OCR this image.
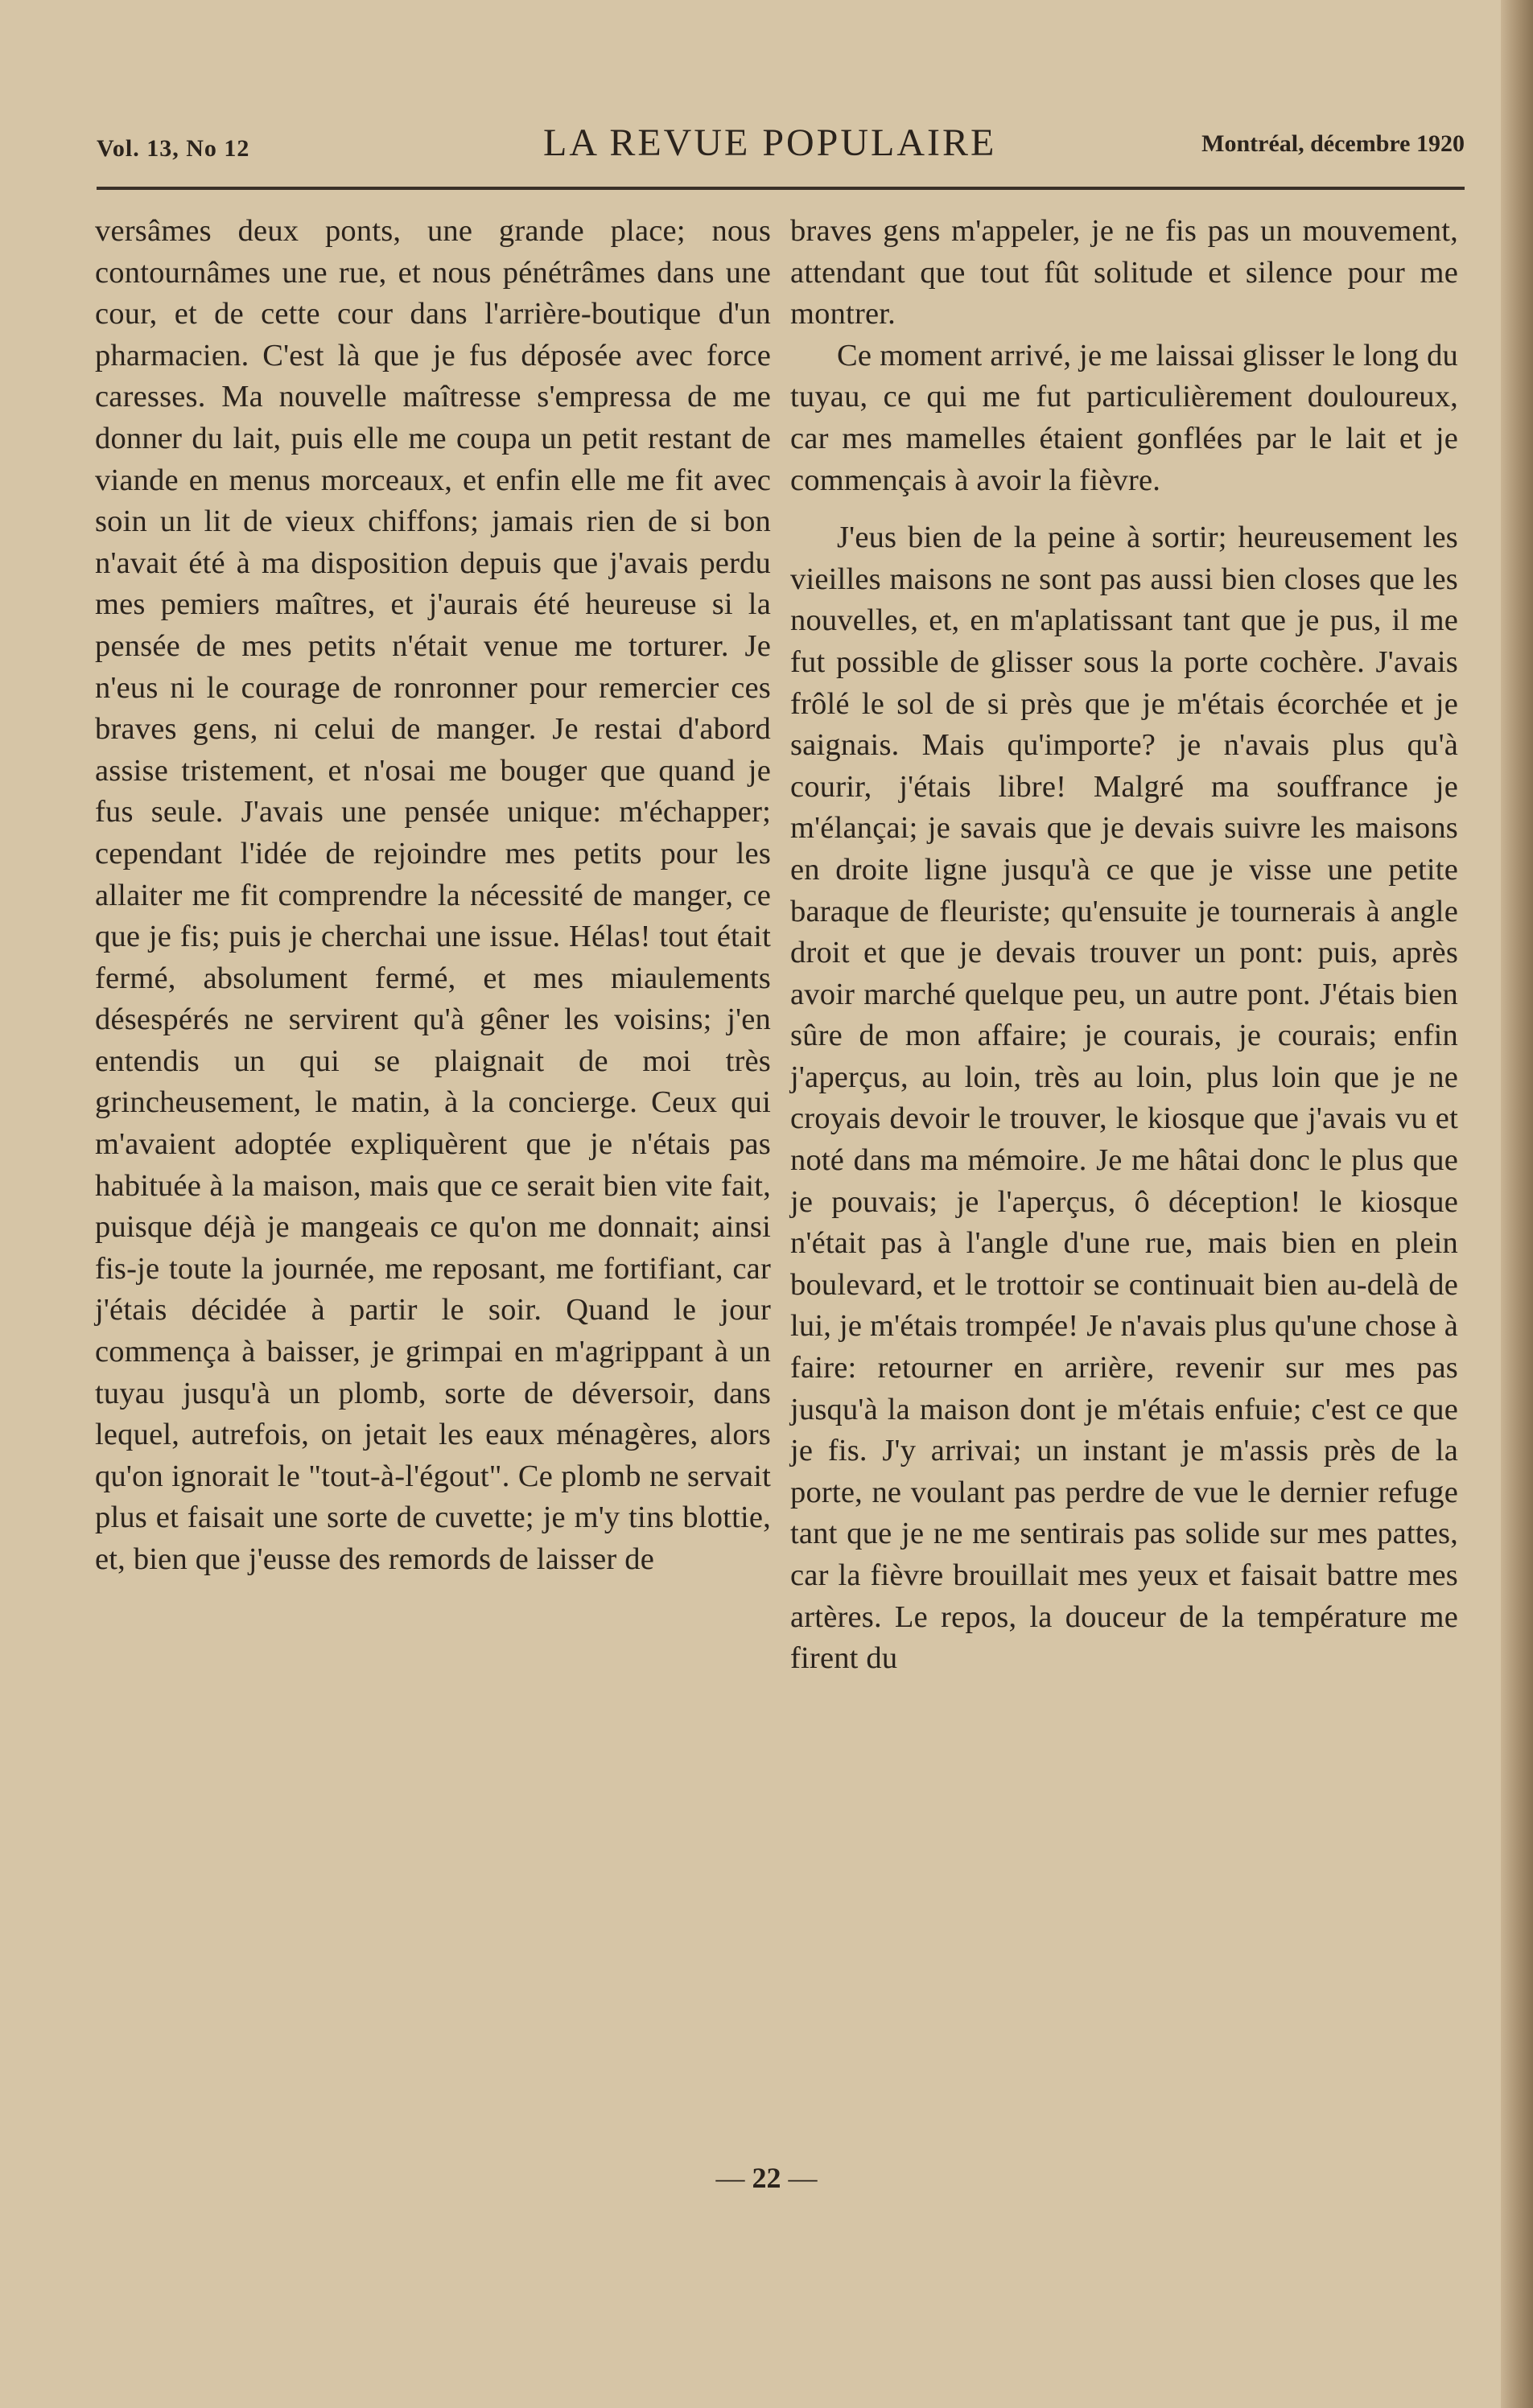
Vol. 13, No 12	LA REVUE POPULAIRE	Montréal, décembre 1920

versâmes deux ponts, une grande place; nous contournâmes une rue, et nous pénétrâmes dans une cour, et de cette cour dans l'arrière-boutique d'un pharmacien. C'est là que je fus déposée avec force caresses. Ma nouvelle maîtresse s'empressa de me donner du lait, puis elle me coupa un petit restant de viande en menus morceaux, et enfin elle me fit avec soin un lit de vieux chiffons; jamais rien de si bon n'avait été à ma disposition depuis que j'avais perdu mes pemiers maîtres, et j'aurais été heureuse si la pensée de mes petits n'était venue me torturer. Je n'eus ni le courage de ronronner pour remercier ces braves gens, ni celui de manger. Je restai d'abord assise tristement, et n'osai me bouger que quand je fus seule. J'avais une pensée unique: m'échapper; cependant l'idée de rejoindre mes petits pour les allaiter me fit comprendre la nécessité de manger, ce que je fis; puis je cherchai une issue. Hélas! tout était fermé, absolument fermé, et mes miaulements désespérés ne servirent qu'à gêner les voisins; j'en entendis un qui se plaignait de moi très grincheusement, le matin, à la concierge. Ceux qui m'avaient adoptée expliquèrent que je n'étais pas habituée à la maison, mais que ce serait bien vite fait, puisque déjà je mangeais ce qu'on me donnait; ainsi fis-je toute la journée, me reposant, me fortifiant, car j'étais décidée à partir le soir. Quand le jour commença à baisser, je grimpai en m'agrippant à un tuyau jusqu'à un plomb, sorte de déversoir, dans lequel, autrefois, on jetait les eaux ménagères, alors qu'on ignorait le "tout-à-l'égout". Ce plomb ne servait plus et faisait une sorte de cuvette; je m'y tins blottie, et, bien que j'eusse des remords de laisser de

braves gens m'appeler, je ne fis pas un mouvement, attendant que tout fût solitude et silence pour me montrer.

Ce moment arrivé, je me laissai glisser le long du tuyau, ce qui me fut particulièrement douloureux, car mes mamelles étaient gonflées par le lait et je commençais à avoir la fièvre.

J'eus bien de la peine à sortir; heureusement les vieilles maisons ne sont pas aussi bien closes que les nouvelles, et, en m'aplatissant tant que je pus, il me fut possible de glisser sous la porte cochère. J'avais frôlé le sol de si près que je m'étais écorchée et je saignais. Mais qu'importe? je n'avais plus qu'à courir, j'étais libre! Malgré ma souffrance je m'élançai; je savais que je devais suivre les maisons en droite ligne jusqu'à ce que je visse une petite baraque de fleuriste; qu'ensuite je tournerais à angle droit et que je devais trouver un pont: puis, après avoir marché quelque peu, un autre pont. J'étais bien sûre de mon affaire; je courais, je courais; enfin j'aperçus, au loin, très au loin, plus loin que je ne croyais devoir le trouver, le kiosque que j'avais vu et noté dans ma mémoire. Je me hâtai donc le plus que je pouvais; je l'aperçus, ô déception! le kiosque n'était pas à l'angle d'une rue, mais bien en plein boulevard, et le trottoir se continuait bien au-delà de lui, je m'étais trompée! Je n'avais plus qu'une chose à faire: retourner en arrière, revenir sur mes pas jusqu'à la maison dont je m'étais enfuie; c'est ce que je fis. J'y arrivai; un instant je m'assis près de la porte, ne voulant pas perdre de vue le dernier refuge tant que je ne me sentirais pas solide sur mes pattes, car la fièvre brouillait mes yeux et faisait battre mes artères. Le repos, la douceur de la température me firent du

— 22 —
